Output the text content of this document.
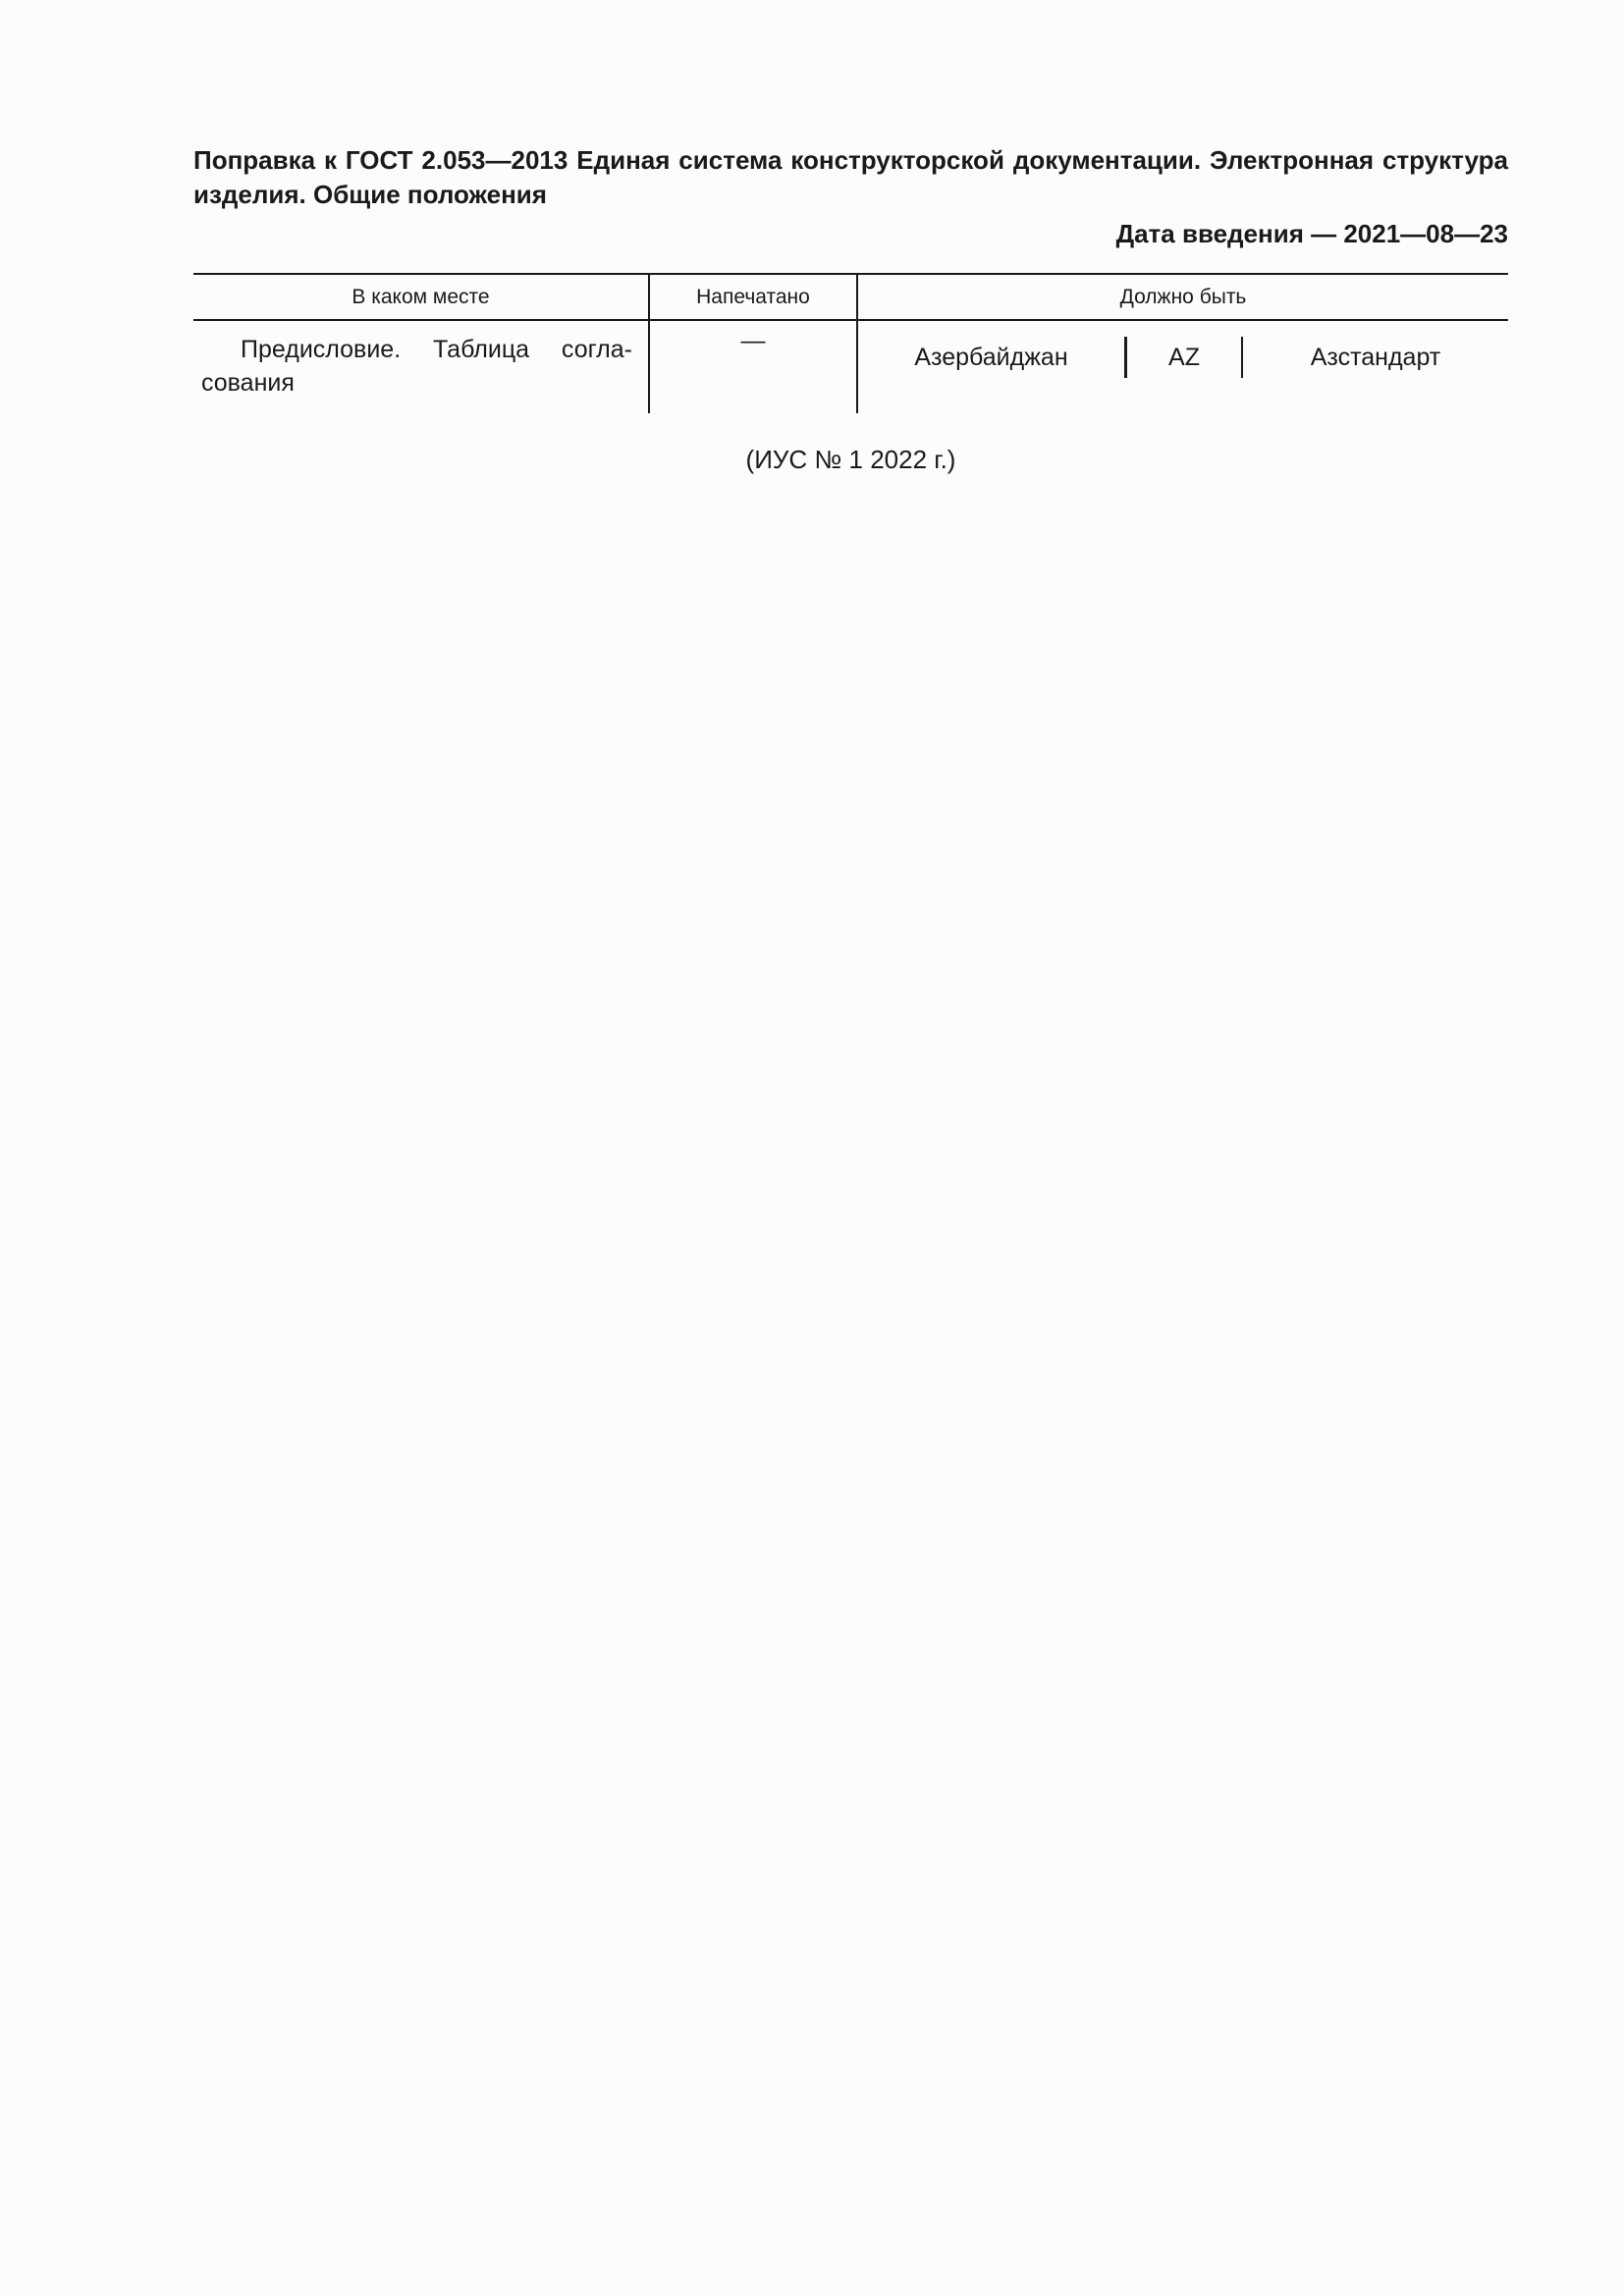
Поправка к ГОСТ 2.053—2013 Единая система конструкторской документации. Электронная структура изделия. Общие положения

Дата введения — 2021—08—23
В каком месте	Напечатано	Должно быть
Предисловие. Таблица согла-сования	—	Азербайджан AZ Азстандарт
(ИУС № 1 2022 г.)
